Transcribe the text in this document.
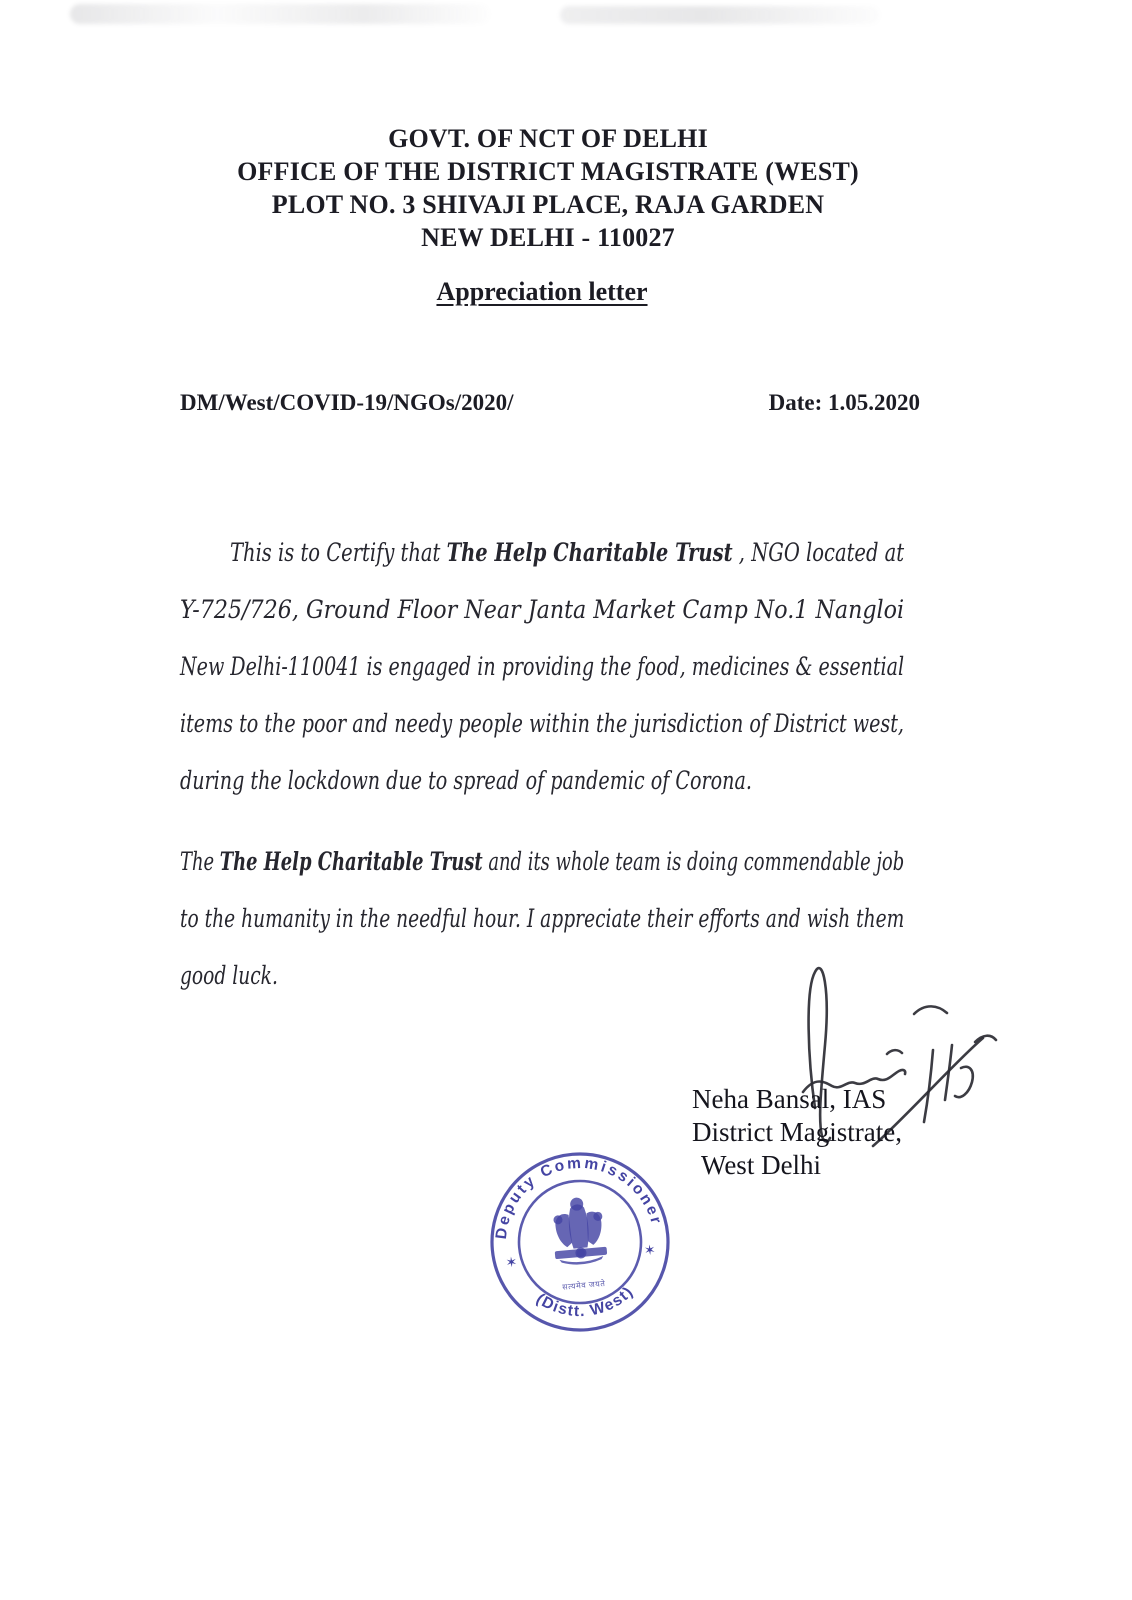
GOVT. OF NCT OF DELHI
OFFICE OF THE DISTRICT MAGISTRATE (WEST)
PLOT NO. 3 SHIVAJI PLACE, RAJA GARDEN
NEW DELHI - 110027
Appreciation letter
DM/West/COVID-19/NGOs/2020/	Date: 1.05.2020
This is to Certify that The Help Charitable Trust , NGO located at
Y-725/726, Ground Floor Near Janta Market Camp No.1 Nangloi
New Delhi-110041 is engaged in providing the food, medicines & essential
items to the poor and needy people within the jurisdiction of District west,
during the lockdown due to spread of pandemic of Corona.
The The Help Charitable Trust and its whole team is doing commendable job
to the humanity in the needful hour. I appreciate their efforts and wish them
good luck.
Neha Bansal, IAS
District Magistrate,
West Delhi
Deputy Commissioner
(Distt. West)
✶
✶
सत्यमेव जयते
